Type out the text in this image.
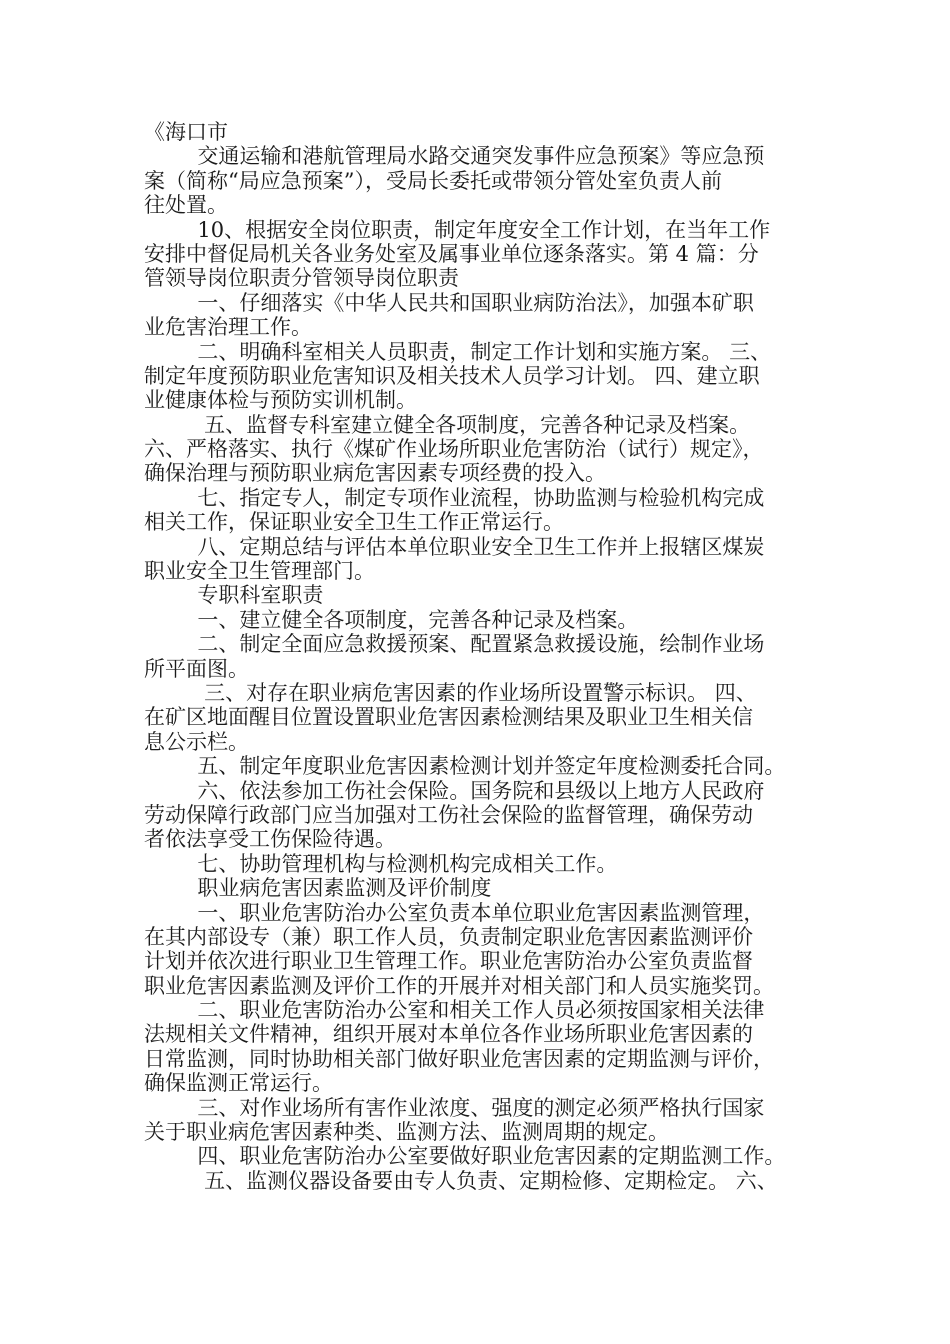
《海口市
交通运输和港航管理局水路交通突发事件应急预案》等应急预
案（简称“局应急预案”），受局长委托或带领分管处室负责人前
往处置。
10、根据安全岗位职责，制定年度安全工作计划，在当年工作
安排中督促局机关各业务处室及属事业单位逐条落实。第 4 篇：分
管领导岗位职责分管领导岗位职责
一、仔细落实《中华人民共和国职业病防治法》，加强本矿职
业危害治理工作。
二、明确科室相关人员职责，制定工作计划和实施方案。 三、
制定年度预防职业危害知识及相关技术人员学习计划。 四、建立职
业健康体检与预防实训机制。
五、监督专科室建立健全各项制度，完善各种记录及档案。
六、严格落实、执行《煤矿作业场所职业危害防治（试行）规定》，
确保治理与预防职业病危害因素专项经费的投入。
七、指定专人，制定专项作业流程，协助监测与检验机构完成
相关工作，保证职业安全卫生工作正常运行。
八、定期总结与评估本单位职业安全卫生工作并上报辖区煤炭
职业安全卫生管理部门。
专职科室职责
一、建立健全各项制度，完善各种记录及档案。
二、制定全面应急救援预案、配置紧急救援设施，绘制作业场
所平面图。
三、对存在职业病危害因素的作业场所设置警示标识。 四、
在矿区地面醒目位置设置职业危害因素检测结果及职业卫生相关信
息公示栏。
五、制定年度职业危害因素检测计划并签定年度检测委托合同。
六、依法参加工伤社会保险。国务院和县级以上地方人民政府
劳动保障行政部门应当加强对工伤社会保险的监督管理，确保劳动
者依法享受工伤保险待遇。
七、协助管理机构与检测机构完成相关工作。
职业病危害因素监测及评价制度
一、职业危害防治办公室负责本单位职业危害因素监测管理，
在其内部设专（兼）职工作人员，负责制定职业危害因素监测评价
计划并依次进行职业卫生管理工作。职业危害防治办公室负责监督
职业危害因素监测及评价工作的开展并对相关部门和人员实施奖罚。
二、职业危害防治办公室和相关工作人员必须按国家相关法律
法规相关文件精神，组织开展对本单位各作业场所职业危害因素的
日常监测，同时协助相关部门做好职业危害因素的定期监测与评价，
确保监测正常运行。
三、对作业场所有害作业浓度、强度的测定必须严格执行国家
关于职业病危害因素种类、监测方法、监测周期的规定。
四、职业危害防治办公室要做好职业危害因素的定期监测工作。
五、监测仪器设备要由专人负责、定期检修、定期检定。 六、
